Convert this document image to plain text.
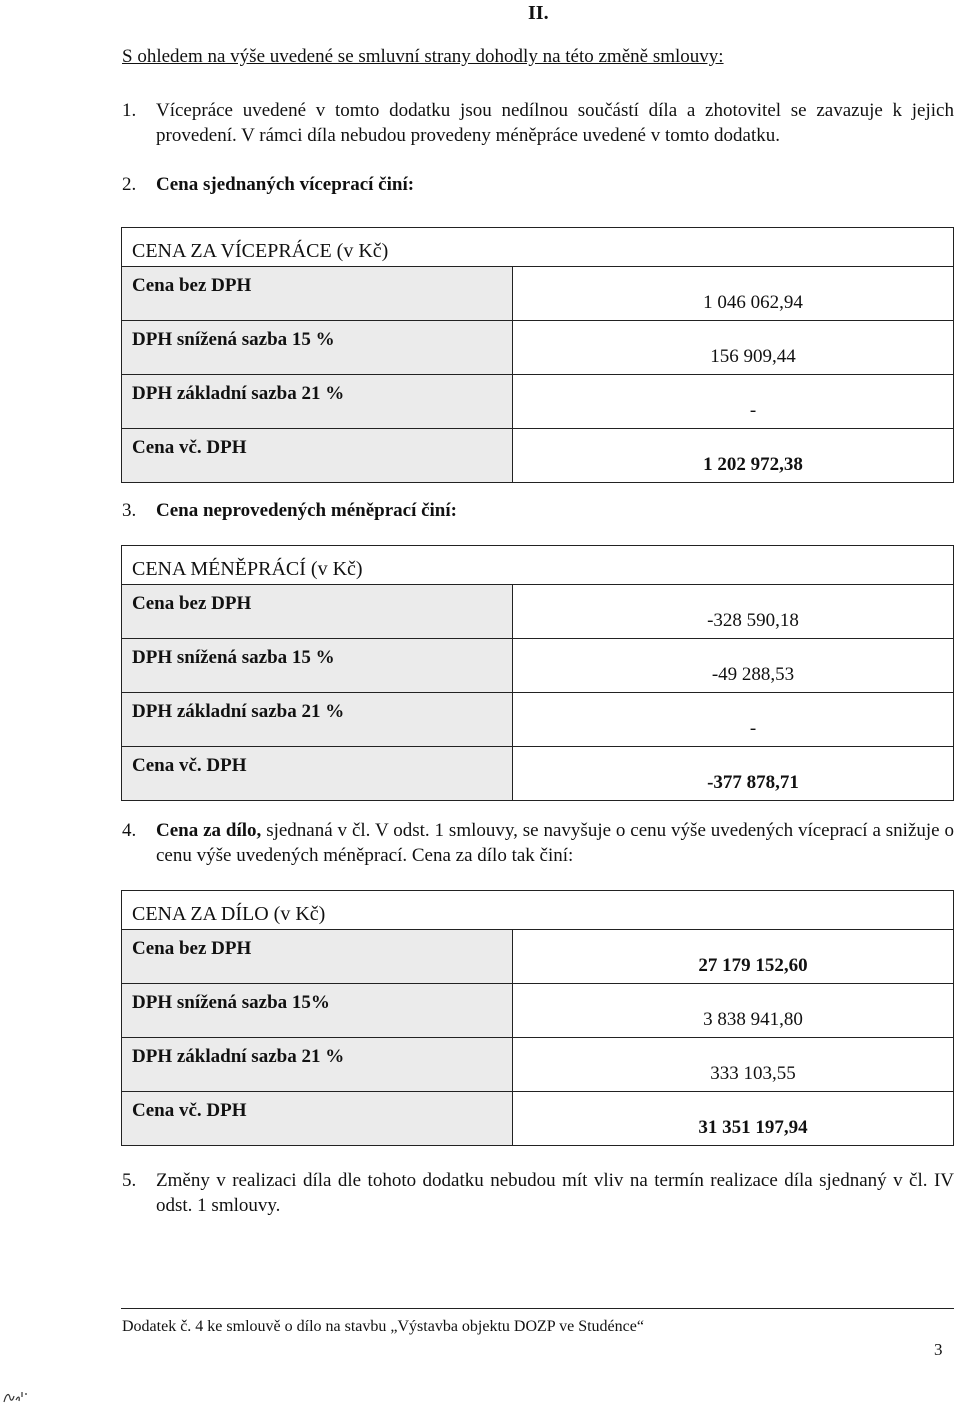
II.
S ohledem na výše uvedené se smluvní strany dohodly na této změně smlouvy:
1. Vícepráce uvedené v tomto dodatku jsou nedílnou součástí díla a zhotovitel se zavazuje k jejich provedení. V rámci díla nebudou provedeny méněpráce uvedené v tomto dodatku.
2. Cena sjednaných víceprací činí:
CENA ZA VÍCEPRÁCE (v Kč)	
Cena bez DPH	1 046 062,94
DPH snížená sazba 15 %	156 909,44
DPH základní sazba 21 %	-
Cena vč. DPH	1 202 972,38
3. Cena neprovedených méněprací činí:
CENA MÉNĚPRÁCÍ (v Kč)	
Cena bez DPH	-328 590,18
DPH snížená sazba 15 %	-49 288,53
DPH základní sazba 21 %	-
Cena vč. DPH	-377 878,71
4. Cena za dílo, sjednaná v čl. V odst. 1 smlouvy, se navyšuje o cenu výše uvedených víceprací a snižuje o cenu výše uvedených méněprací. Cena za dílo tak činí:
CENA ZA DÍLO (v Kč)	
Cena bez DPH	27 179 152,60
DPH snížená sazba 15%	3 838 941,80
DPH základní sazba 21 %	333 103,55
Cena vč. DPH	31 351 197,94
5. Změny v realizaci díla dle tohoto dodatku nebudou mít vliv na termín realizace díla sjednaný v čl. IV odst. 1 smlouvy.
Dodatek č. 4 ke smlouvě o dílo na stavbu „Výstavba objektu DOZP ve Studénce“
3
